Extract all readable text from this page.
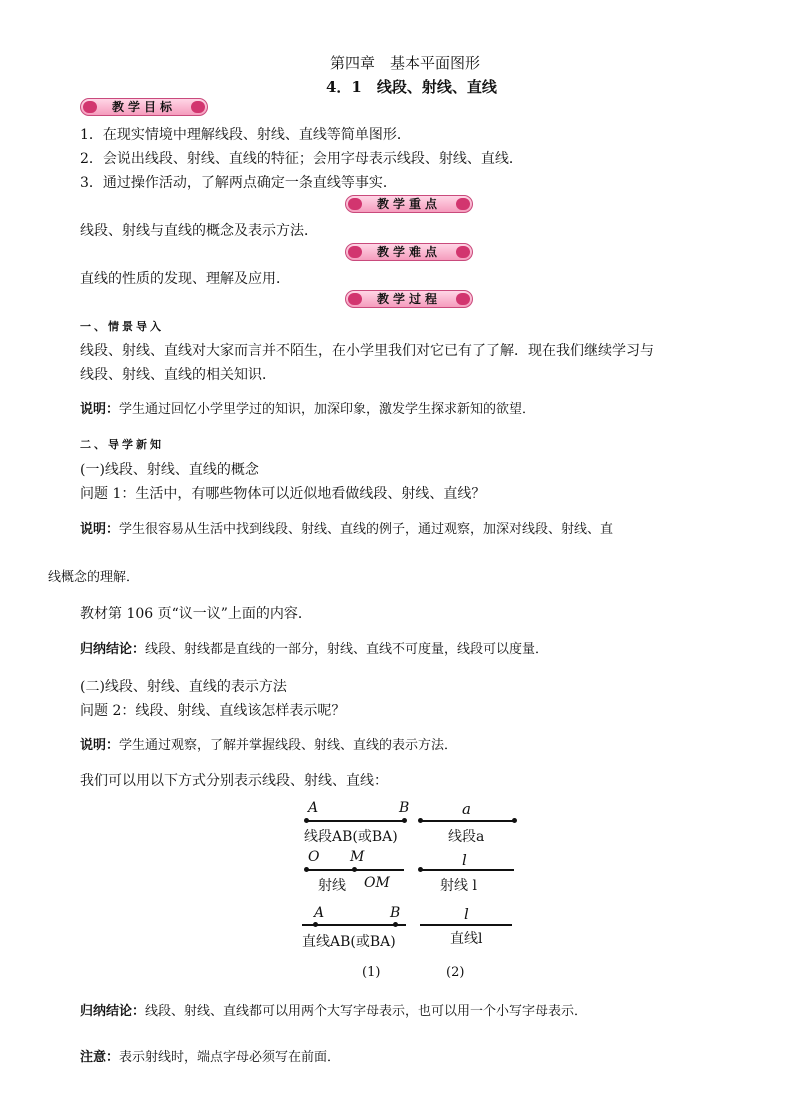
第四章　基本平面图形
4．1　线段、射线、直线
教学目标
1．在现实情境中理解线段、射线、直线等简单图形．
2．会说出线段、射线、直线的特征；会用字母表示线段、射线、直线．
3．通过操作活动，了解两点确定一条直线等事实．
教学重点
线段、射线与直线的概念及表示方法．
教学难点
直线的性质的发现、理解及应用．
教学过程
一、情景导入
线段、射线、直线对大家而言并不陌生，在小学里我们对它已有了了解．现在我们继续学习与
线段、射线、直线的相关知识．
说明：学生通过回忆小学里学过的知识，加深印象，激发学生探求新知的欲望．
二、导学新知
(一)线段、射线、直线的概念
问题 1：生活中，有哪些物体可以近似地看做线段、射线、直线？
说明：学生很容易从生活中找到线段、射线、直线的例子，通过观察，加深对线段、射线、直
线概念的理解．
教材第 106 页“议一议”上面的内容．
归纳结论：线段、射线都是直线的一部分，射线、直线不可度量，线段可以度量．
(二)线段、射线、直线的表示方法
问题 2：线段、射线、直线该怎样表示呢？
说明：学生通过观察，了解并掌握线段、射线、直线的表示方法．
我们可以用以下方式分别表示线段、射线、直线：
A	B
线段AB(或BA)
a
线段a
O M
射线 OM
l
射线 l
A	B
直线AB(或BA)
l
直线l
(1)	(2)
归纳结论：线段、射线、直线都可以用两个大写字母表示，也可以用一个小写字母表示．
注意：表示射线时，端点字母必须写在前面．
